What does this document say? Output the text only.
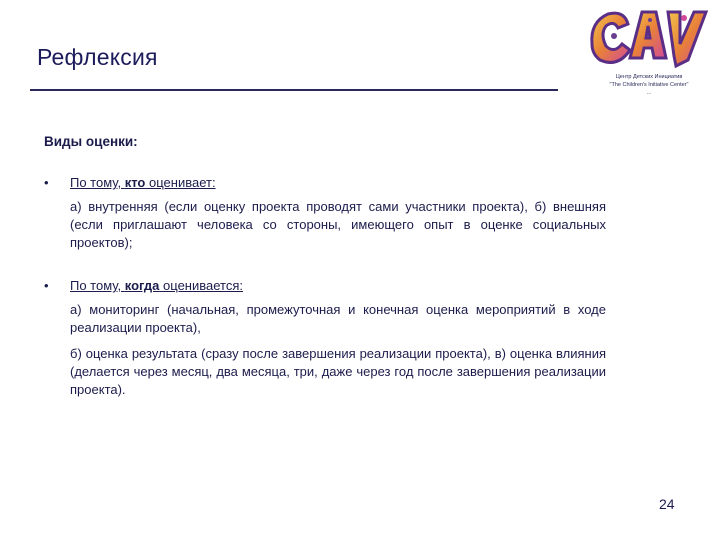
Рефлексия
Центр Детских Инициатив
"The Children's Initiative Center"
...
Виды оценки:
• По тому, кто оценивает:
а) внутренняя (если оценку проекта проводят сами участники проекта), б) внешняя (если приглашают человека со стороны, имеющего опыт в оценке социальных проектов);
• По тому, когда оценивается:
а) мониторинг (начальная, промежуточная и конечная оценка мероприятий в ходе реализации проекта),
б) оценка результата (сразу после завершения реализации проекта), в) оценка влияния (делается через месяц, два месяца, три, даже через год после завершения реализации проекта).
24
